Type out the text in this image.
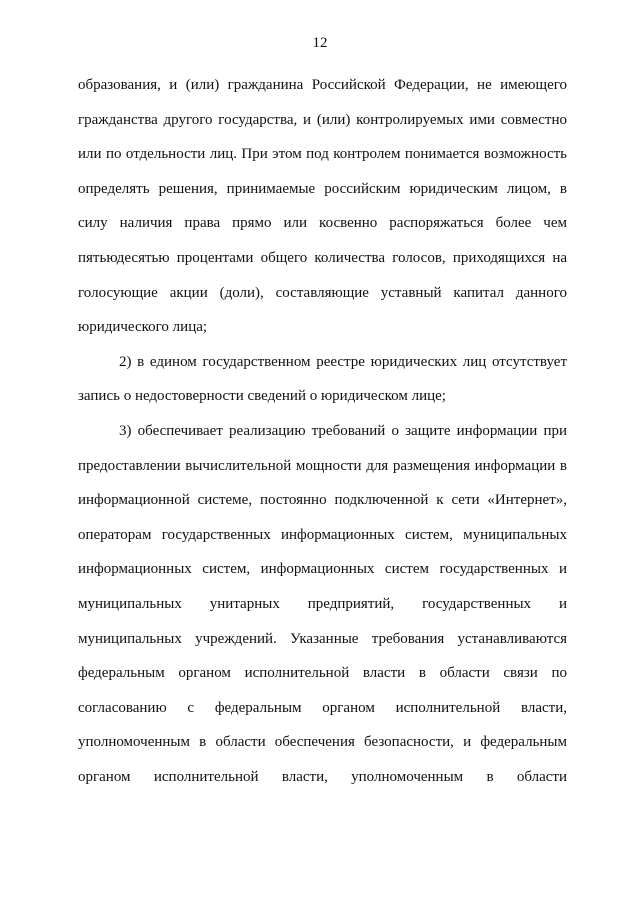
12
образования, и (или) гражданина Российской Федерации, не имеющего
гражданства другого государства, и (или) контролируемых ими совместно
или по отдельности лиц. При этом под контролем понимается возможность
определять решения, принимаемые российским юридическим лицом, в
силу наличия права прямо или косвенно распоряжаться более чем
пятьюдесятью процентами общего количества голосов, приходящихся на
голосующие акции (доли), составляющие уставный капитал данного
юридического лица;
2) в едином государственном реестре юридических лиц отсутствует
запись о недостоверности сведений о юридическом лице;
3) обеспечивает реализацию требований о защите информации при
предоставлении вычислительной мощности для размещения информации в
информационной системе, постоянно подключенной к сети «Интернет»,
операторам государственных информационных систем, муниципальных
информационных систем, информационных систем государственных и
муниципальных унитарных предприятий, государственных и
муниципальных учреждений. Указанные требования устанавливаются
федеральным органом исполнительной власти в области связи по
согласованию с федеральным органом исполнительной власти,
уполномоченным в области обеспечения безопасности, и федеральным
органом исполнительной власти, уполномоченным в области
